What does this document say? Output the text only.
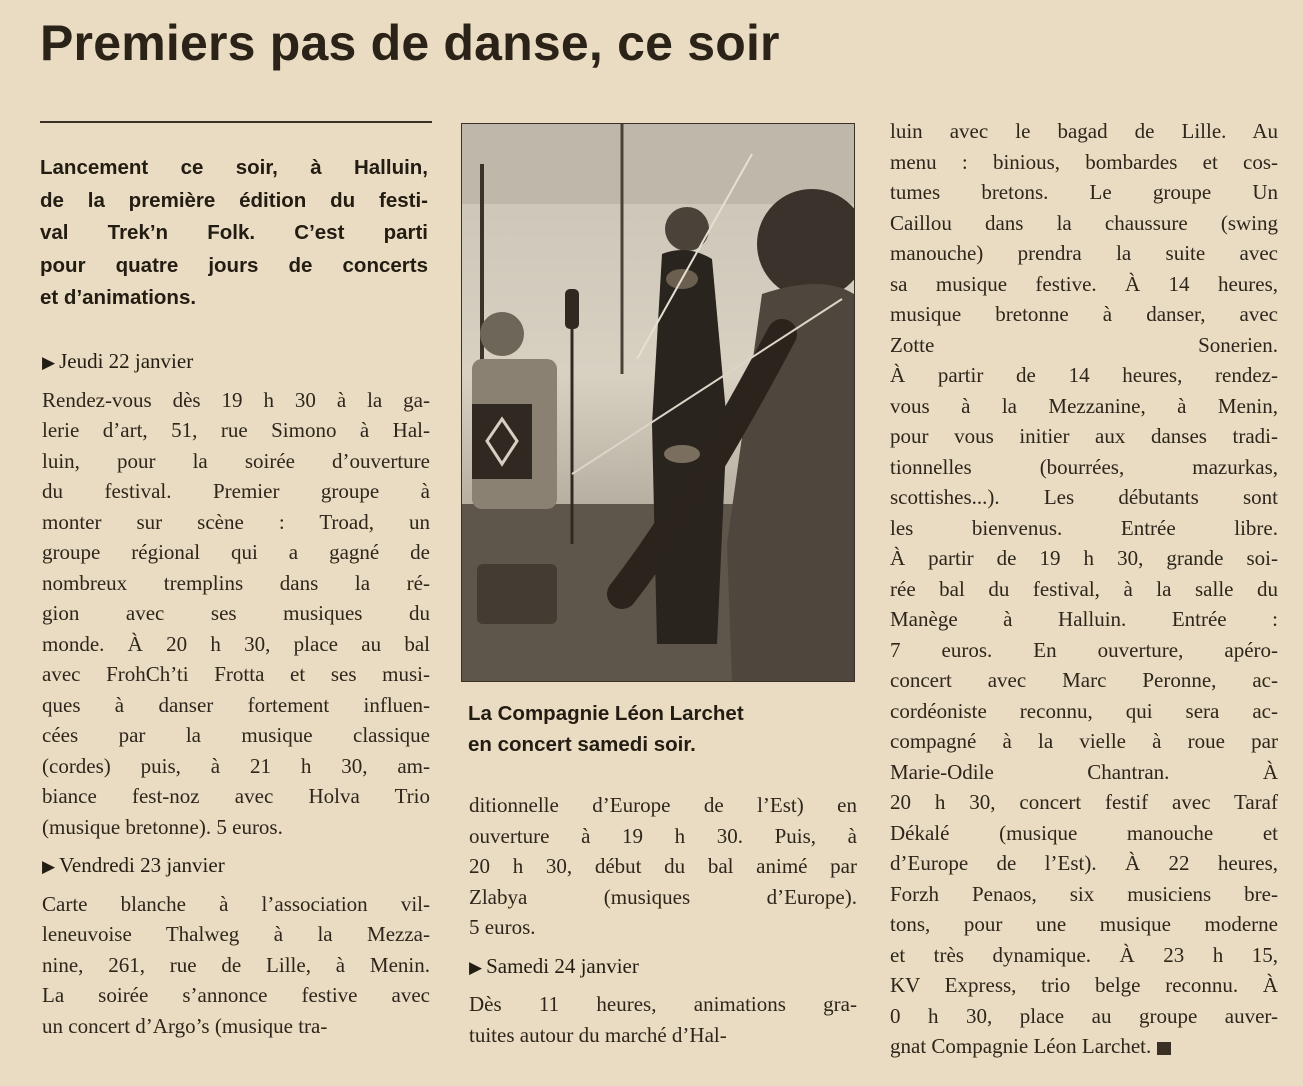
Premiers pas de danse, ce soir
Lancement ce soir, à Halluin,
de la première édition du festi-
val Trek’n Folk. C’est parti
pour quatre jours de concerts
et d’animations.
▶ Jeudi 22 janvier

Rendez-vous dès 19 h 30 à la ga-
lerie d’art, 51, rue Simono à Hal-
luin, pour la soirée d’ouverture
du festival. Premier groupe à
monter sur scène : Troad, un
groupe régional qui a gagné de
nombreux tremplins dans la ré-
gion avec ses musiques du
monde. À 20 h 30, place au bal
avec FrohCh’ti Frotta et ses musi-
ques à danser fortement influen-
cées par la musique classique
(cordes) puis, à 21 h 30, am-
biance fest-noz avec Holva Trio
(musique bretonne). 5 euros.

▶ Vendredi 23 janvier

Carte blanche à l’association vil-
leneuvoise Thalweg à la Mezza-
nine, 261, rue de Lille, à Menin.
La soirée s’annonce festive avec
un concert d’Argo’s (musique tra-

La Compagnie Léon Larchet
en concert samedi soir.

ditionnelle d’Europe de l’Est) en
ouverture à 19 h 30. Puis, à
20 h 30, début du bal animé par
Zlabya (musiques d’Europe).
5 euros.

▶ Samedi 24 janvier

Dès 11 heures, animations gra-
tuites autour du marché d’Hal-

luin avec le bagad de Lille. Au
menu : binious, bombardes et cos-
tumes bretons. Le groupe Un
Caillou dans la chaussure (swing
manouche) prendra la suite avec
sa musique festive. À 14 heures,
musique bretonne à danser, avec
Zotte Sonerien.
À partir de 14 heures, rendez-
vous à la Mezzanine, à Menin,
pour vous initier aux danses tradi-
tionnelles (bourrées, mazurkas,
scottishes...). Les débutants sont
les bienvenus. Entrée libre.
À partir de 19 h 30, grande soi-
rée bal du festival, à la salle du
Manège à Halluin. Entrée :
7 euros. En ouverture, apéro-
concert avec Marc Peronne, ac-
cordéoniste reconnu, qui sera ac-
compagné à la vielle à roue par
Marie-Odile Chantran. À
20 h 30, concert festif avec Taraf
Dékalé (musique manouche et
d’Europe de l’Est). À 22 heures,
Forzh Penaos, six musiciens bre-
tons, pour une musique moderne
et très dynamique. À 23 h 15,
KV Express, trio belge reconnu. À
0 h 30, place au groupe auver-
gnat Compagnie Léon Larchet.
